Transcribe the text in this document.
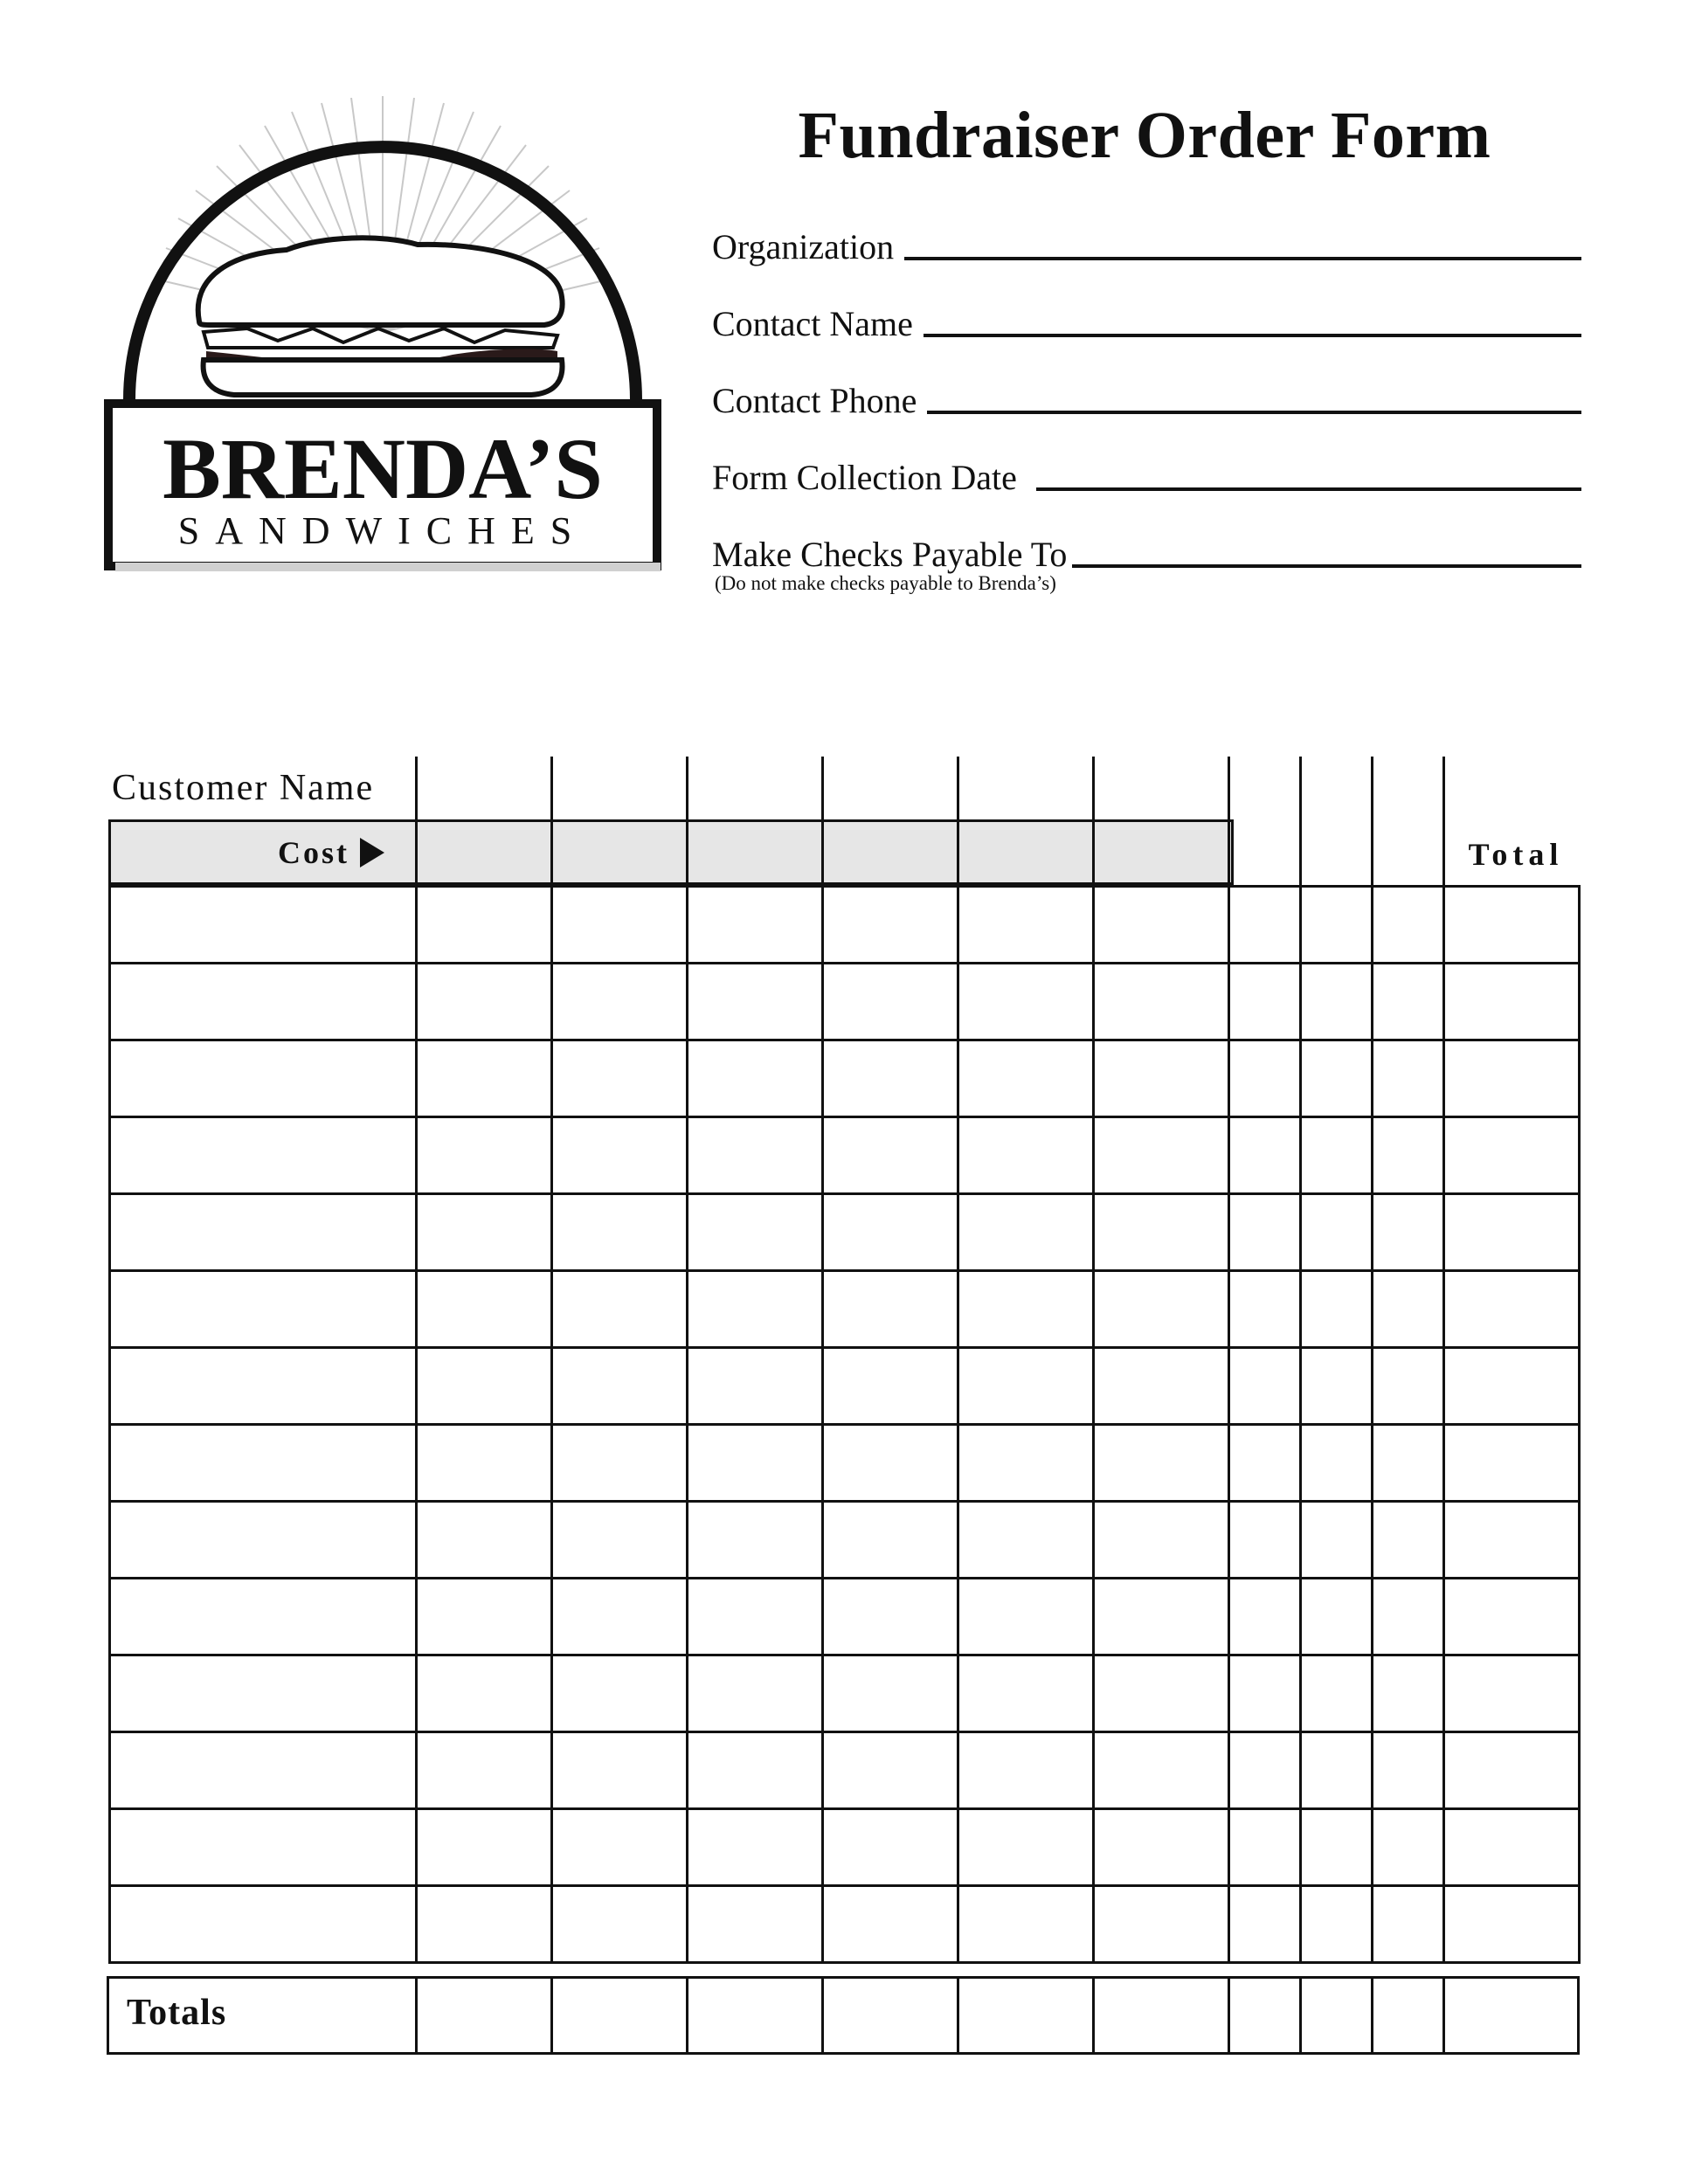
BRENDA’S
SANDWICHES
Fundraiser Order Form
Organization
Contact Name
Contact Phone
Form Collection Date
Make Checks Payable To
(Do not make checks payable to Brenda’s)
Customer Name
Cost	Total
Totals
